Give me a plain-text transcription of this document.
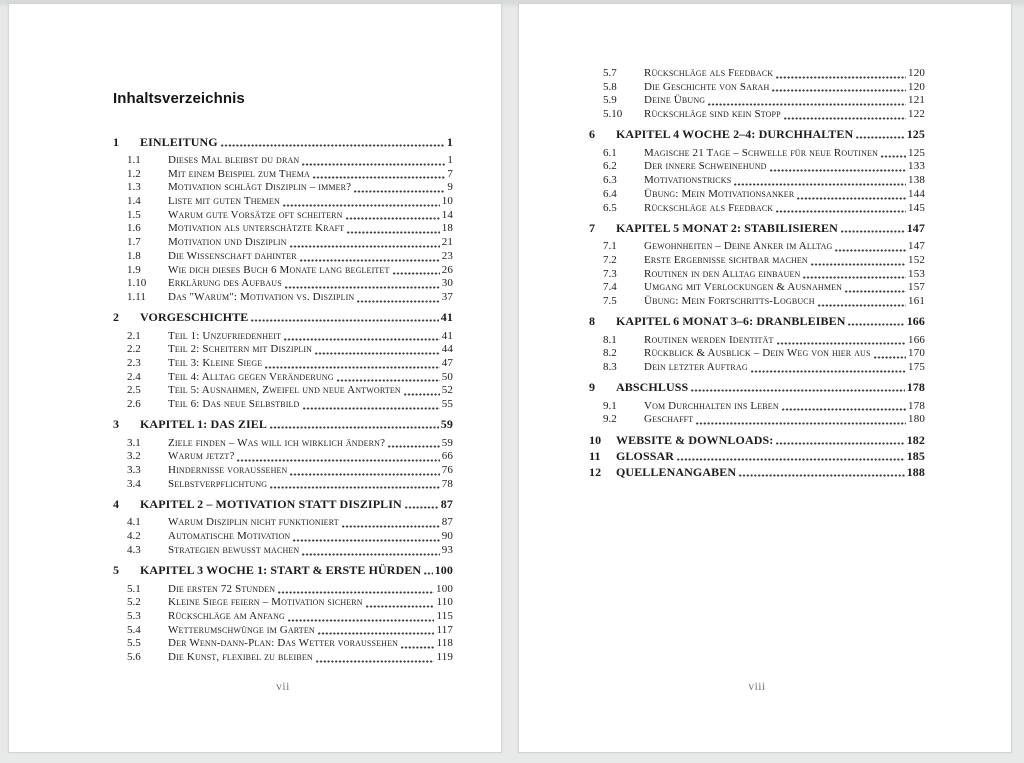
Inhaltsverzeichnis
1	EINLEITUNG	1
1.1	Dieses Mal bleibst du dran	1
1.2	Mit einem Beispiel zum Thema	7
1.3	Motivation schlägt Disziplin – immer?	9
1.4	Liste mit guten Themen	10
1.5	Warum gute Vorsätze oft scheitern	14
1.6	Motivation als unterschätzte Kraft	18
1.7	Motivation und Disziplin	21
1.8	Die Wissenschaft dahinter	23
1.9	Wie dich dieses Buch 6 Monate lang begleitet	26
1.10	Erklärung des Aufbaus	30
1.11	Das "Warum": Motivation vs. Disziplin	37
2	VORGESCHICHTE	41
2.1	Teil 1: Unzufriedenheit	41
2.2	Teil 2: Scheitern mit Disziplin	44
2.3	Teil 3: Kleine Siege	47
2.4	Teil 4: Alltag gegen Veränderung	50
2.5	Teil 5: Ausnahmen, Zweifel und neue Antworten	52
2.6	Teil 6: Das neue Selbstbild	55
3	KAPITEL 1: DAS ZIEL	59
3.1	Ziele finden – Was will ich wirklich ändern?	59
3.2	Warum jetzt?	66
3.3	Hindernisse voraussehen	76
3.4	Selbstverpflichtung	78
4	KAPITEL 2 – MOTIVATION STATT DISZIPLIN	87
4.1	Warum Disziplin nicht funktioniert	87
4.2	Automatische Motivation	90
4.3	Strategien bewusst machen	93
5	KAPITEL 3 WOCHE 1: START & ERSTE HÜRDEN 100
5.1	Die ersten 72 Stunden	100
5.2	Kleine Siege feiern – Motivation sichern	110
5.3	Rückschläge am Anfang	115
5.4	Wetterumschwünge im Garten	117
5.5	Der Wenn-dann-Plan: Das Wetter voraussehen	118
5.6	Die Kunst, flexibel zu bleiben	119
vii
5.7	Rückschläge als Feedback	120
5.8	Die Geschichte von Sarah	120
5.9	Deine Übung	121
5.10	Rückschläge sind kein Stopp	122
6	KAPITEL 4 WOCHE 2–4: DURCHHALTEN	125
6.1	Magische 21 Tage – Schwelle für neue Routinen	125
6.2	Der innere Schweinehund	133
6.3	Motivationstricks	138
6.4	Übung: Mein Motivationsanker	144
6.5	Rückschläge als Feedback	145
7	KAPITEL 5 MONAT 2: STABILISIEREN	147
7.1	Gewohnheiten – Deine Anker im Alltag	147
7.2	Erste Ergebnisse sichtbar machen	152
7.3	Routinen in den Alltag einbauen	153
7.4	Umgang mit Verlockungen & Ausnahmen	157
7.5	Übung: Mein Fortschritts-Logbuch	161
8	KAPITEL 6 MONAT 3–6: DRANBLEIBEN	166
8.1	Routinen werden Identität	166
8.2	Rückblick & Ausblick – Dein Weg von hier aus	170
8.3	Dein letzter Auftrag	175
9	ABSCHLUSS	178
9.1	Vom Durchhalten ins Leben	178
9.2	Geschafft	180
10	WEBSITE & DOWNLOADS:	182
11	GLOSSAR	185
12	QUELLENANGABEN	188
viii
